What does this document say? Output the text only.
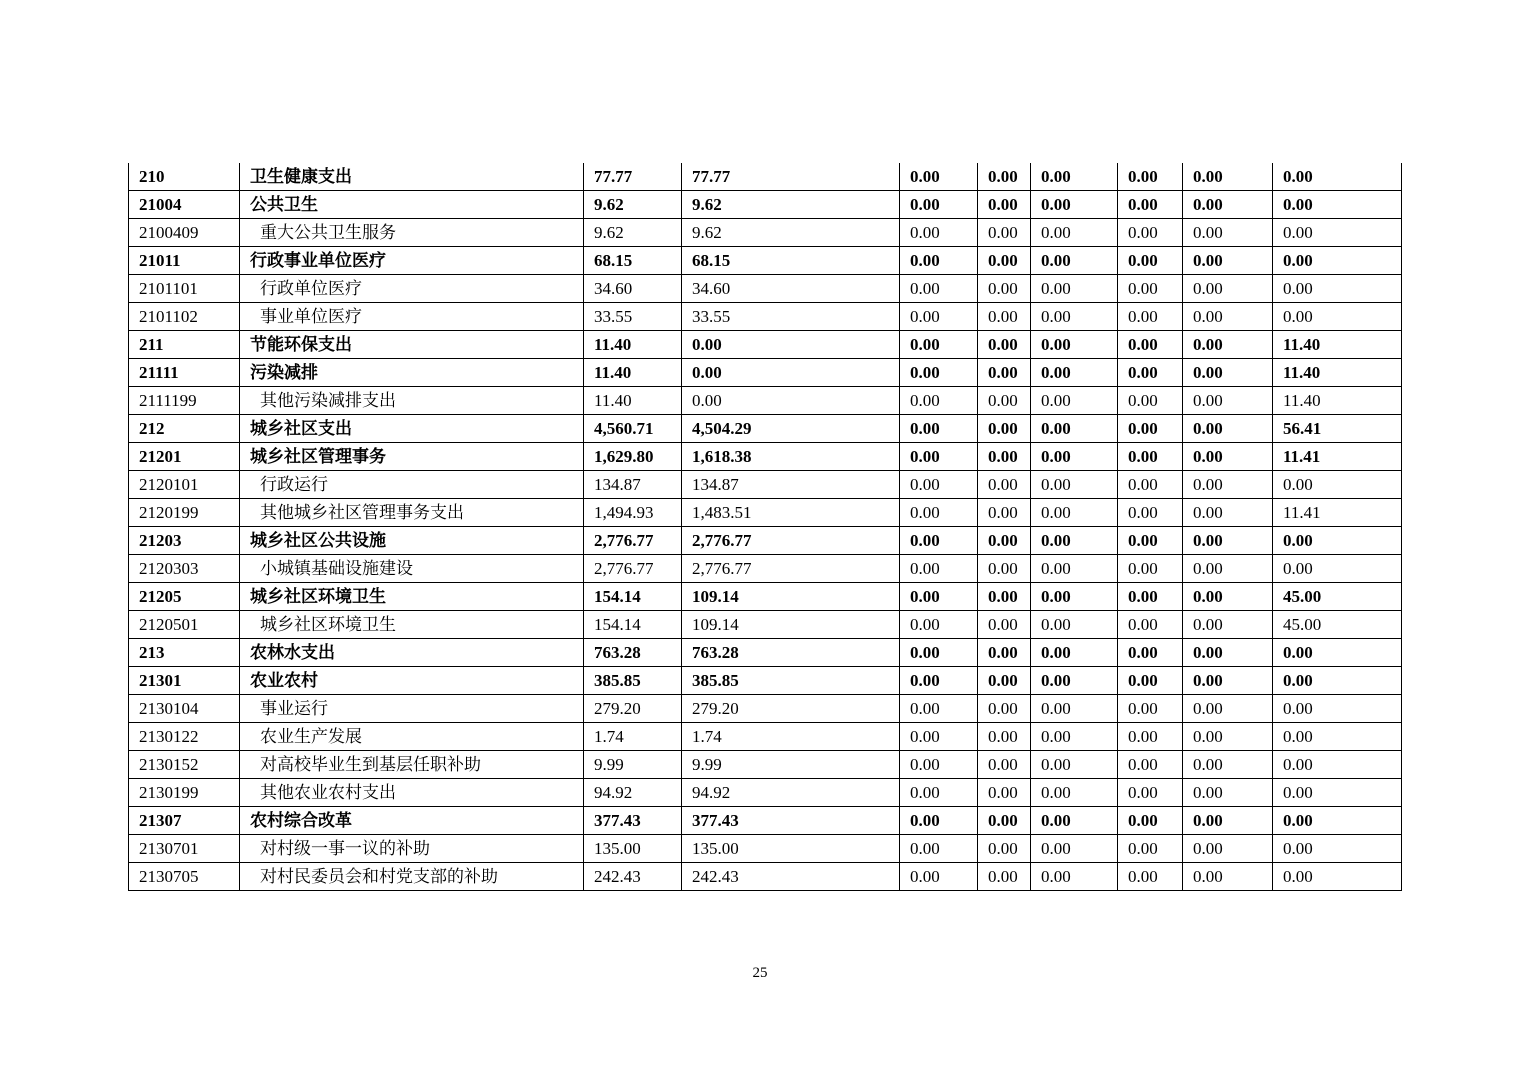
210	卫生健康支出	77.77	77.77	0.00	0.00	0.00	0.00	0.00	0.00
21004	公共卫生	9.62	9.62	0.00	0.00	0.00	0.00	0.00	0.00
2100409	重大公共卫生服务	9.62	9.62	0.00	0.00	0.00	0.00	0.00	0.00
21011	行政事业单位医疗	68.15	68.15	0.00	0.00	0.00	0.00	0.00	0.00
2101101	行政单位医疗	34.60	34.60	0.00	0.00	0.00	0.00	0.00	0.00
2101102	事业单位医疗	33.55	33.55	0.00	0.00	0.00	0.00	0.00	0.00
211	节能环保支出	11.40	0.00	0.00	0.00	0.00	0.00	0.00	11.40
21111	污染减排	11.40	0.00	0.00	0.00	0.00	0.00	0.00	11.40
2111199	其他污染减排支出	11.40	0.00	0.00	0.00	0.00	0.00	0.00	11.40
212	城乡社区支出	4,560.71	4,504.29	0.00	0.00	0.00	0.00	0.00	56.41
21201	城乡社区管理事务	1,629.80	1,618.38	0.00	0.00	0.00	0.00	0.00	11.41
2120101	行政运行	134.87	134.87	0.00	0.00	0.00	0.00	0.00	0.00
2120199	其他城乡社区管理事务支出	1,494.93	1,483.51	0.00	0.00	0.00	0.00	0.00	11.41
21203	城乡社区公共设施	2,776.77	2,776.77	0.00	0.00	0.00	0.00	0.00	0.00
2120303	小城镇基础设施建设	2,776.77	2,776.77	0.00	0.00	0.00	0.00	0.00	0.00
21205	城乡社区环境卫生	154.14	109.14	0.00	0.00	0.00	0.00	0.00	45.00
2120501	城乡社区环境卫生	154.14	109.14	0.00	0.00	0.00	0.00	0.00	45.00
213	农林水支出	763.28	763.28	0.00	0.00	0.00	0.00	0.00	0.00
21301	农业农村	385.85	385.85	0.00	0.00	0.00	0.00	0.00	0.00
2130104	事业运行	279.20	279.20	0.00	0.00	0.00	0.00	0.00	0.00
2130122	农业生产发展	1.74	1.74	0.00	0.00	0.00	0.00	0.00	0.00
2130152	对高校毕业生到基层任职补助	9.99	9.99	0.00	0.00	0.00	0.00	0.00	0.00
2130199	其他农业农村支出	94.92	94.92	0.00	0.00	0.00	0.00	0.00	0.00
21307	农村综合改革	377.43	377.43	0.00	0.00	0.00	0.00	0.00	0.00
2130701	对村级一事一议的补助	135.00	135.00	0.00	0.00	0.00	0.00	0.00	0.00
2130705	对村民委员会和村党支部的补助	242.43	242.43	0.00	0.00	0.00	0.00	0.00	0.00
25
